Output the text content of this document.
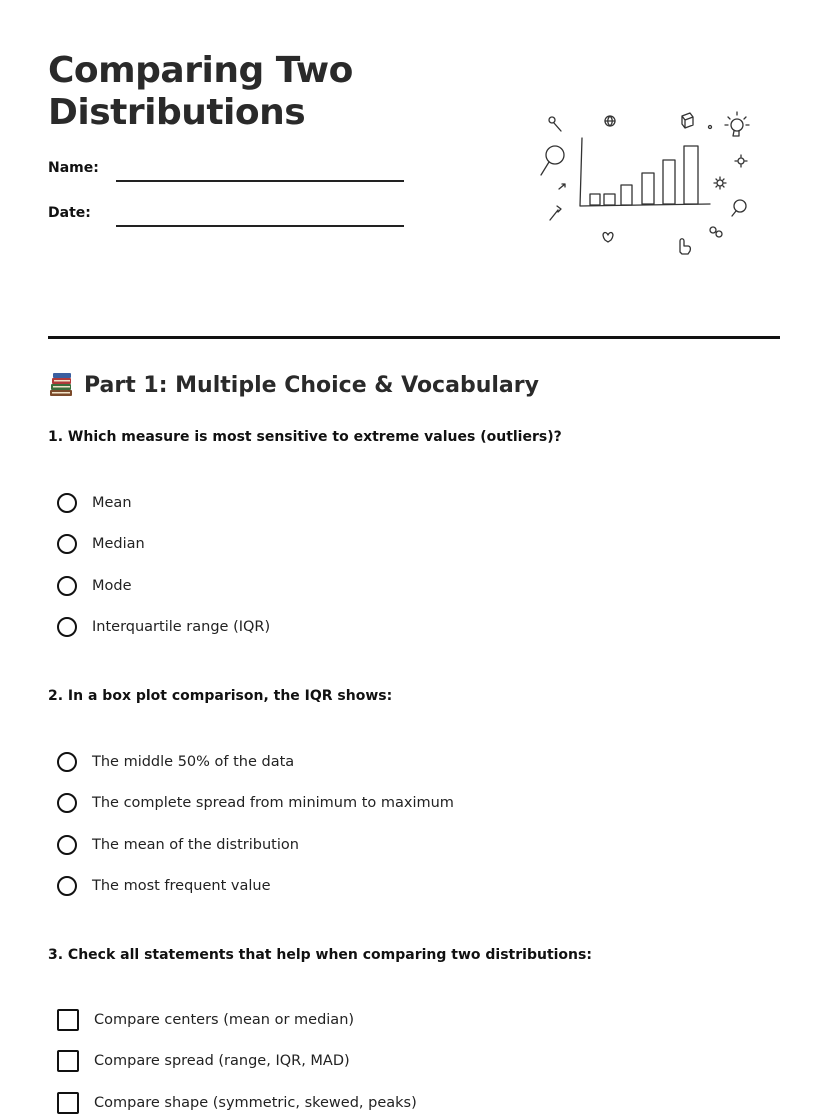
Comparing Two
Distributions
Name:
Date:
Part 1: Multiple Choice & Vocabulary

1. Which measure is most sensitive to extreme values (outliers)?

Mean
Median
Mode
Interquartile range (IQR)

2. In a box plot comparison, the IQR shows:

The middle 50% of the data
The complete spread from minimum to maximum
The mean of the distribution
The most frequent value

3. Check all statements that help when comparing two distributions:

Compare centers (mean or median)
Compare spread (range, IQR, MAD)
Compare shape (symmetric, skewed, peaks)
